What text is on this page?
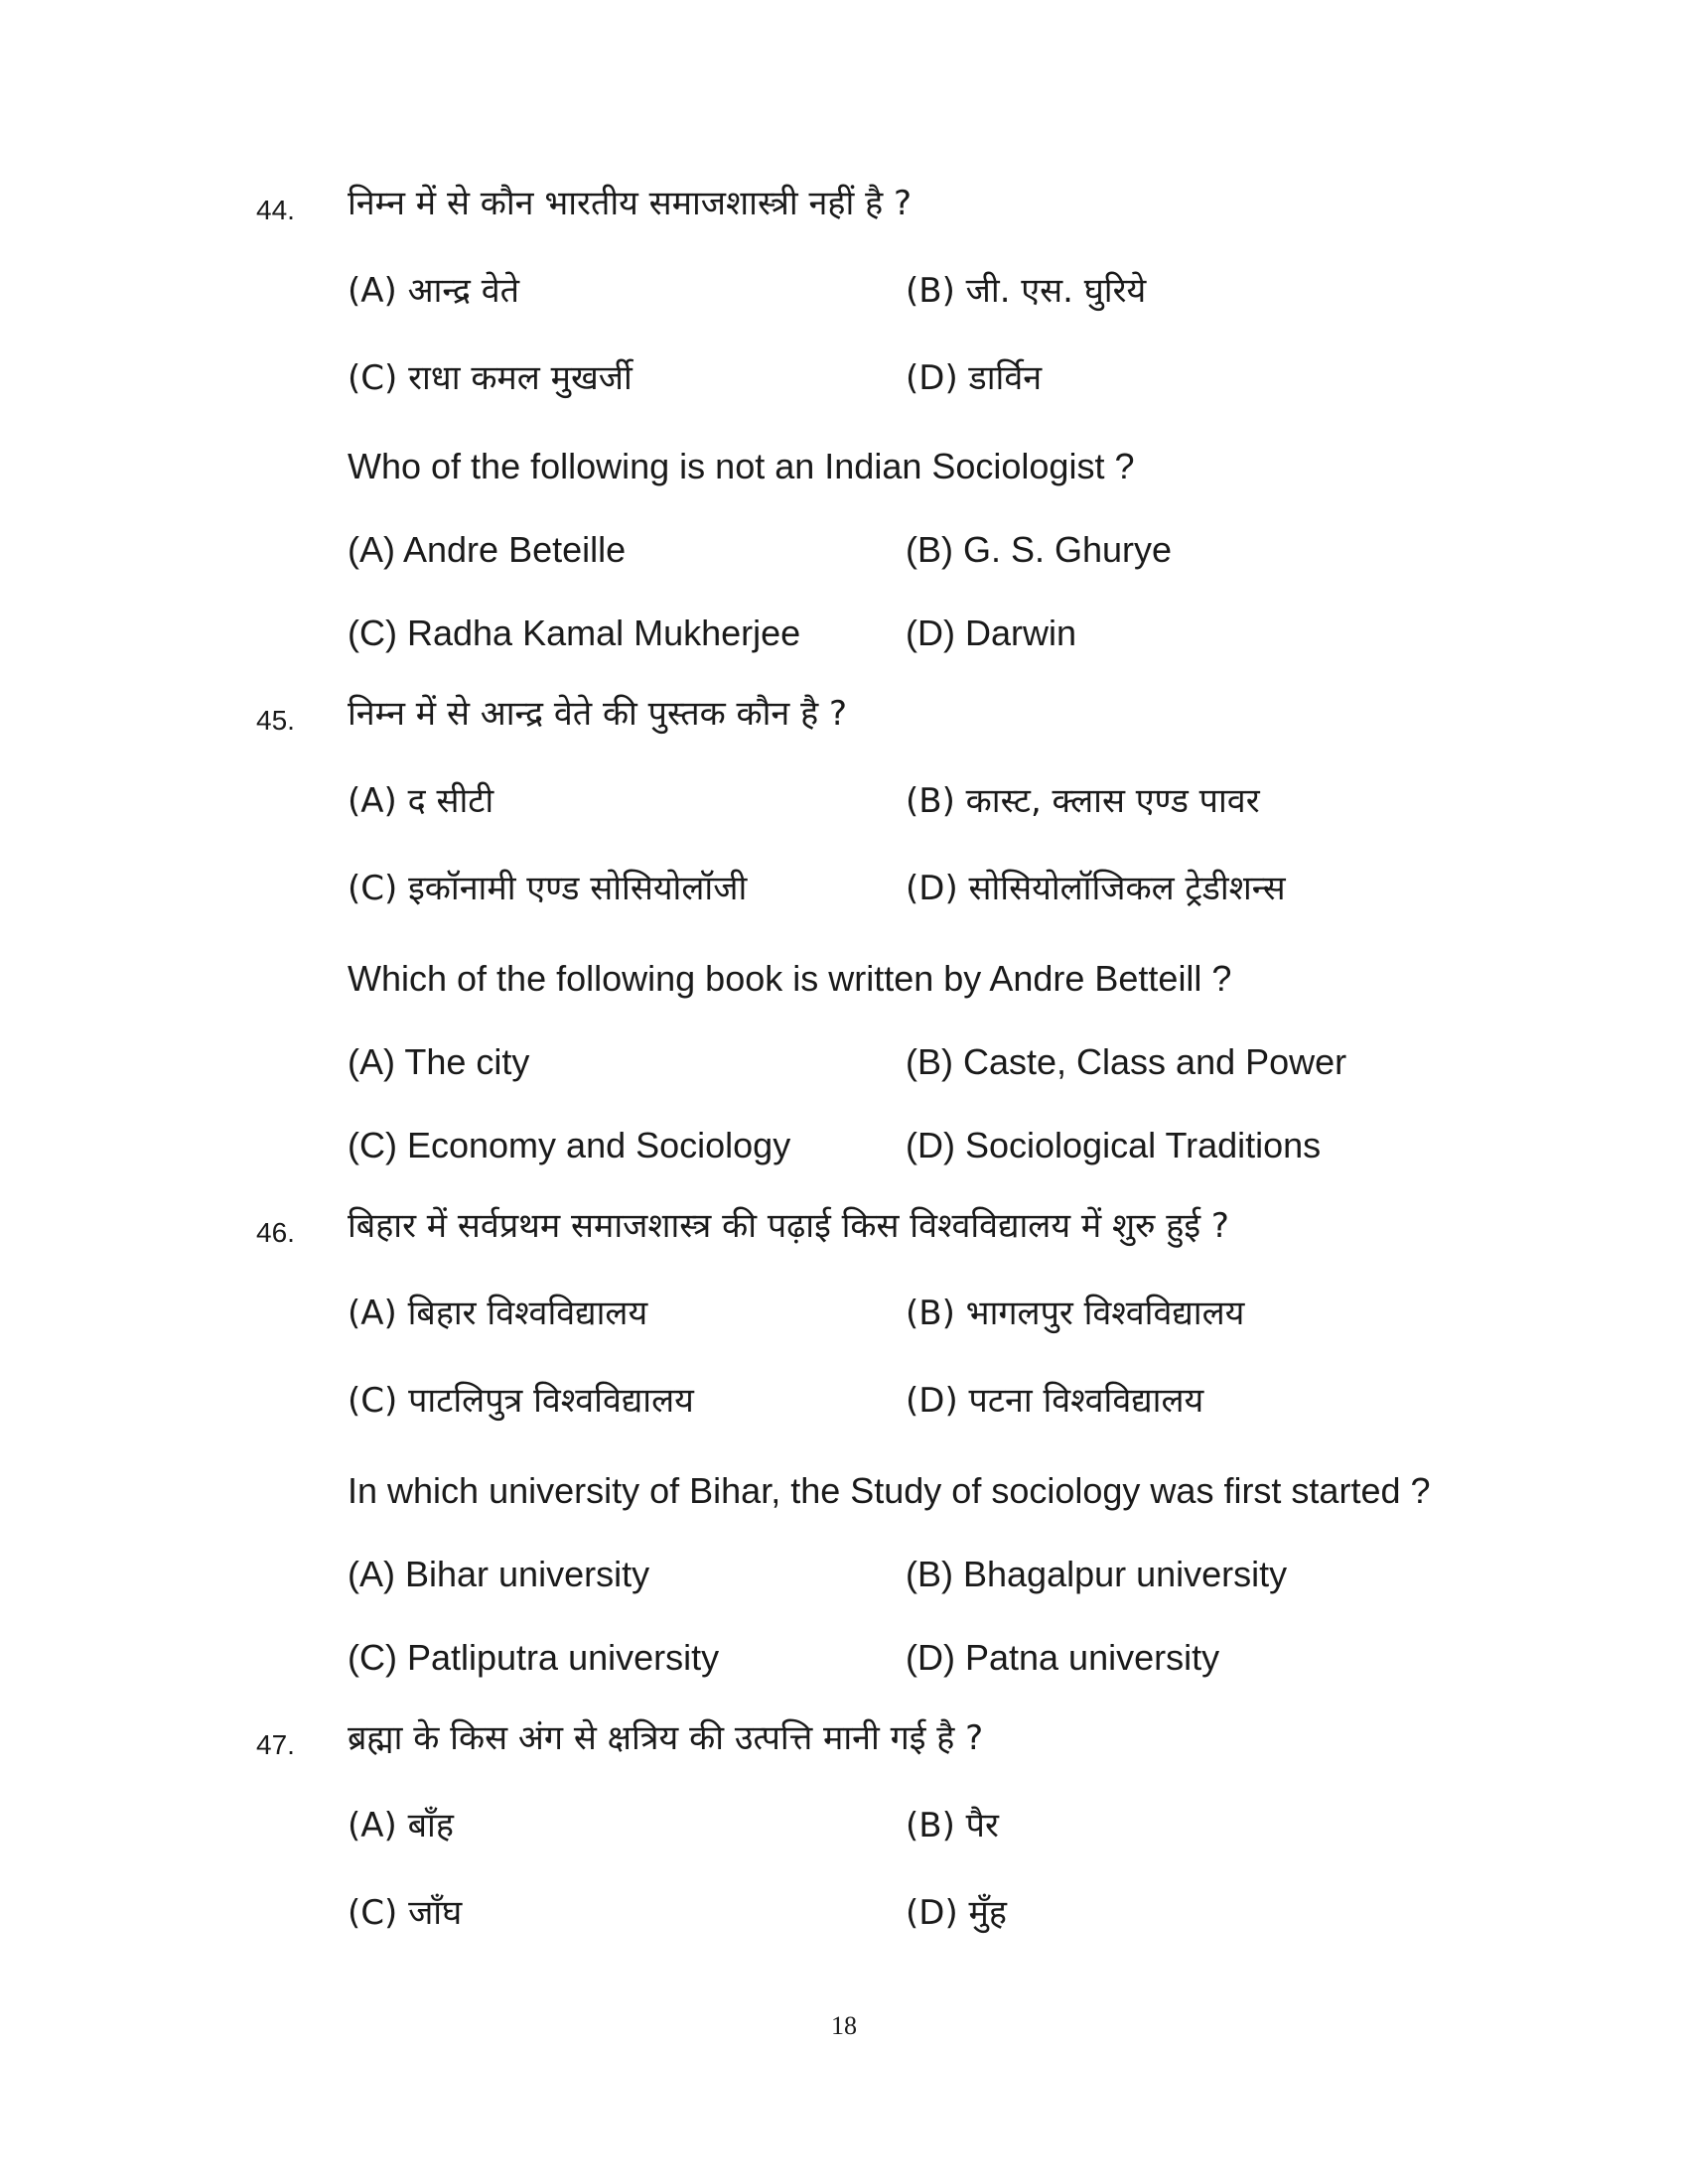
44. निम्न में से कौन भारतीय समाजशास्त्री नहीं है ?
(A) आन्द्र वेते	(B) जी. एस. घुरिये
(C) राधा कमल मुखर्जी	(D) डार्विन
Who of the following is not an Indian Sociologist ?
(A) Andre Beteille	(B) G. S. Ghurye
(C) Radha Kamal Mukherjee	(D) Darwin
45. निम्न में से आन्द्र वेते की पुस्तक कौन है ?
(A) द सीटी	(B) कास्ट, क्लास एण्ड पावर
(C) इकॉनामी एण्ड सोसियोलॉजी	(D) सोसियोलॉजिकल ट्रेडीशन्स
Which of the following book is written by Andre Betteill ?
(A) The city	(B) Caste, Class and Power
(C) Economy and Sociology	(D) Sociological Traditions
46. बिहार में सर्वप्रथम समाजशास्त्र की पढ़ाई किस विश्वविद्यालय में शुरु हुई ?
(A) बिहार विश्वविद्यालय	(B) भागलपुर विश्वविद्यालय
(C) पाटलिपुत्र विश्वविद्यालय	(D) पटना विश्वविद्यालय
In which university of Bihar, the Study of sociology was first started ?
(A) Bihar university	(B) Bhagalpur university
(C) Patliputra university	(D) Patna university
47. ब्रह्मा के किस अंग से क्षत्रिय की उत्पत्ति मानी गई है ?
(A) बाँह	(B) पैर
(C) जाँघ	(D) मुँह
18
